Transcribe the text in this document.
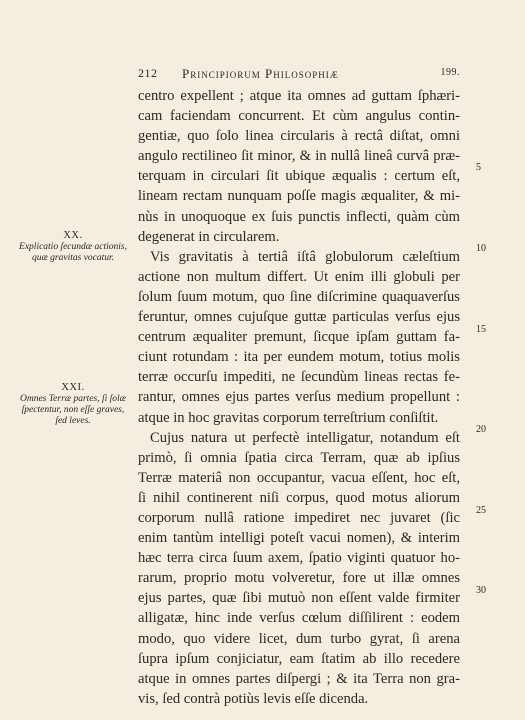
212 Principiorum Philosophiæ	199.
XX.
Explicatio ſecundæ actionis, quæ gravitas vocatur.
XXI.
Omnes Terræ partes, ſi ſolæ ſpectentur, non eſſe graves, ſed leves.
centro expellent ; atque ita omnes ad guttam ſphæri-
cam faciendam concurrent. Et cùm angulus contin-
gentiæ, quo ſolo linea circularis à rectâ diſtat, omni
angulo rectilineo ſit minor, & in nullâ lineâ curvâ præ-
terquam in circulari ſit ubique æqualis : certum eſt,
lineam rectam nunquam poſſe magis æqualiter, & mi-
nùs in unoquoque ex ſuis punctis inflecti, quàm cùm
degenerat in circularem.
Vis gravitatis à tertiâ iſtâ globulorum cæleſtium
actione non multum differt. Ut enim illi globuli per
ſolum ſuum motum, quo ſine diſcrimine quaquaverſus
feruntur, omnes cujuſque guttæ particulas verſus ejus
centrum æqualiter premunt, ſicque ipſam guttam fa-
ciunt rotundam : ita per eundem motum, totius molis
terræ occurſu impediti, ne ſecundùm lineas rectas fe-
rantur, omnes ejus partes verſus medium propellunt :
atque in hoc gravitas corporum terreſtrium conſiſtit.
Cujus natura ut perfectè intelligatur, notandum eſt
primò, ſi omnia ſpatia circa Terram, quæ ab ipſius
Terræ materiâ non occupantur, vacua eſſent, hoc eſt,
ſi nihil continerent niſi corpus, quod motus aliorum
corporum nullâ ratione impediret nec juvaret (ſic
enim tantùm intelligi poteſt vacui nomen), & interim
hæc terra circa ſuum axem, ſpatio viginti quatuor ho-
rarum, proprio motu volveretur, fore ut illæ omnes
ejus partes, quæ ſibi mutuò non eſſent valde firmiter
alligatæ, hinc inde verſus cœlum diſſilirent : eodem
modo, quo videre licet, dum turbo gyrat, ſi arena
ſupra ipſum conjiciatur, eam ſtatim ab illo recedere
atque in omnes partes diſpergi ; & ita Terra non gra-
vis, ſed contrà potiùs levis eſſe dicenda.
5
10
15
20
25
30
